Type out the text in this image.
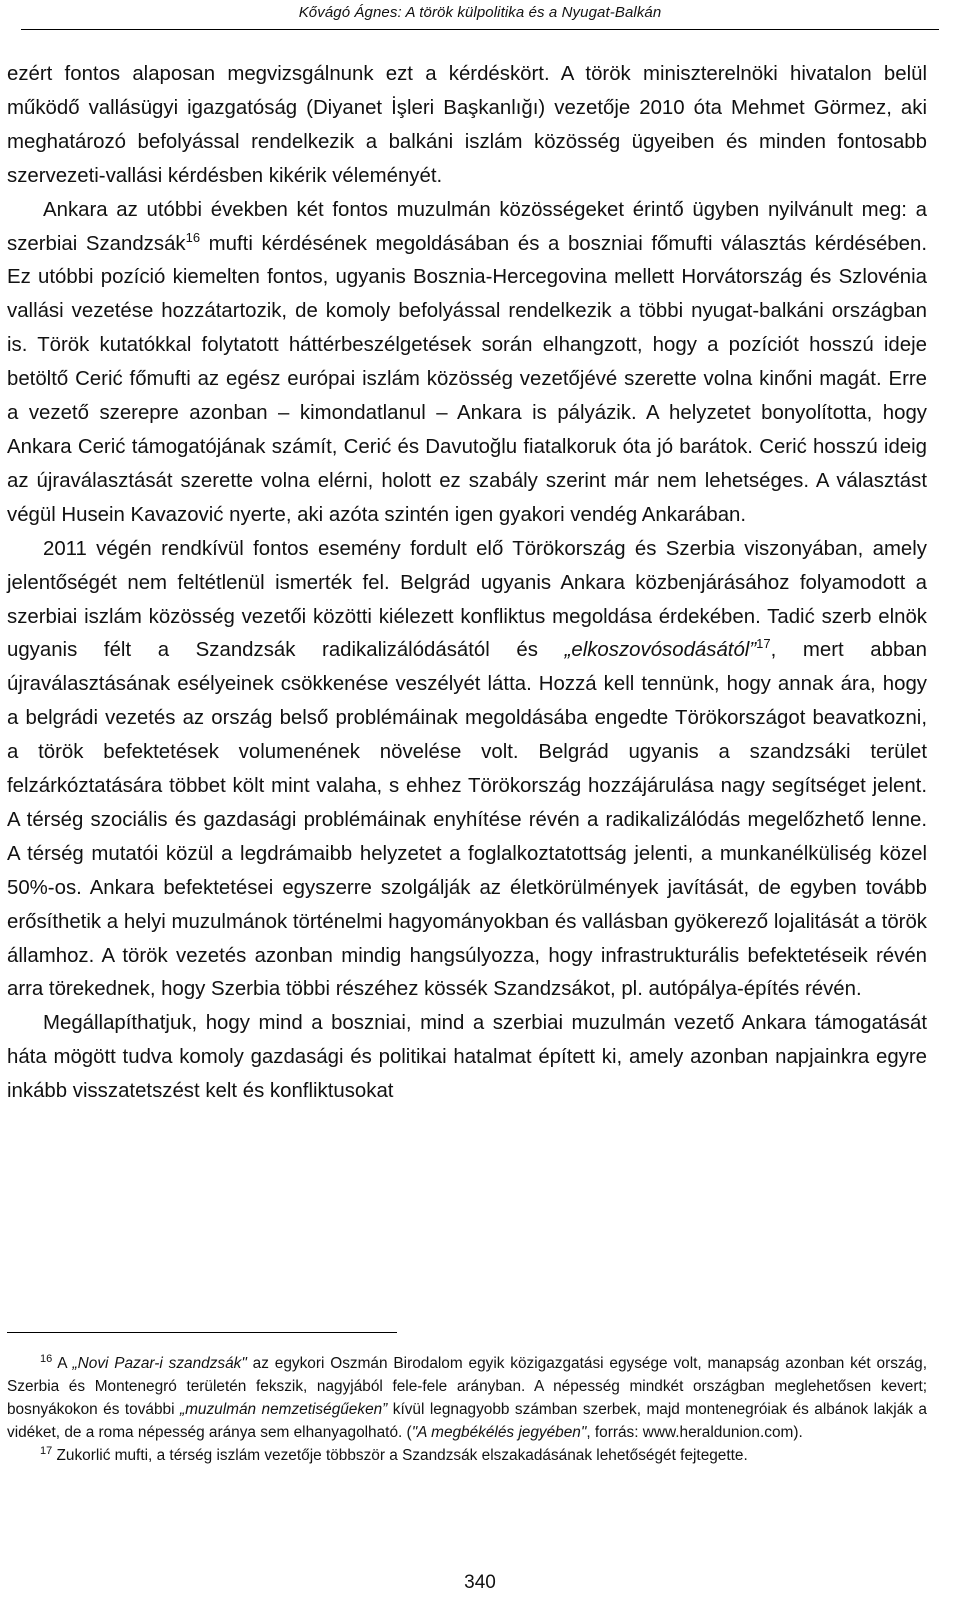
Kővágó Ágnes: A török külpolitika és a Nyugat-Balkán

ezért fontos alaposan megvizsgálnunk ezt a kérdéskört. A török miniszterelnöki hivatalon belül működő vallásügyi igazgatóság (Diyanet İşleri Başkanlığı) vezetője 2010 óta Mehmet Görmez, aki meghatározó befolyással rendelkezik a balkáni iszlám közösség ügyeiben és minden fontosabb szervezeti-vallási kérdésben kikérik véleményét.

Ankara az utóbbi években két fontos muzulmán közösségeket érintő ügyben nyilvánult meg: a szerbiai Szandzsák$^{16}$ mufti kérdésének megoldásában és a boszniai főmufti választás kérdésében. Ez utóbbi pozíció kiemelten fontos, ugyanis Bosznia-Hercegovina mellett Horvátország és Szlovénia vallási vezetése hozzátartozik, de komoly befolyással rendelkezik a többi nyugat-balkáni országban is. Török kutatókkal folytatott háttérbeszélgetések során elhangzott, hogy a pozíciót hosszú ideje betöltő Cerić főmufti az egész európai iszlám közösség vezetőjévé szerette volna kinőni magát. Erre a vezető szerepre azonban – kimondatlanul – Ankara is pályázik. A helyzetet bonyolította, hogy Ankara Cerić támogatójának számít, Cerić és Davutoğlu fiatalkoruk óta jó barátok. Cerić hosszú ideig az újraválasztását szerette volna elérni, holott ez szabály szerint már nem lehetséges. A választást végül Husein Kavazović nyerte, aki azóta szintén igen gyakori vendég Ankarában.

2011 végén rendkívül fontos esemény fordult elő Törökország és Szerbia viszonyában, amely jelentőségét nem feltétlenül ismerték fel. Belgrád ugyanis Ankara közbenjárásához folyamodott a szerbiai iszlám közösség vezetői közötti kiélezett konfliktus megoldása érdekében. Tadić szerb elnök ugyanis félt a Szandzsák radikalizálódásától és „elkoszovósodásától”$^{17}$, mert abban újraválasztásának esélyeinek csökkenése veszélyét látta. Hozzá kell tennünk, hogy annak ára, hogy a belgrádi vezetés az ország belső problémáinak megoldásába engedte Törökországot beavatkozni, a török befektetések volumenének növelése volt. Belgrád ugyanis a szandzsáki terület felzárkóztatására többet költ mint valaha, s ehhez Törökország hozzájárulása nagy segítséget jelent. A térség szociális és gazdasági problémáinak enyhítése révén a radikalizálódás megelőzhető lenne. A térség mutatói közül a legdrámaibb helyzetet a foglalkoztatottság jelenti, a munkanélküliség közel 50%-os. Ankara befektetései egyszerre szolgálják az életkörülmények javítását, de egyben tovább erősíthetik a helyi muzulmánok történelmi hagyományokban és vallásban gyökerező lojalitását a török államhoz. A török vezetés azonban mindig hangsúlyozza, hogy infrastrukturális befektetéseik révén arra törekednek, hogy Szerbia többi részéhez kössék Szandzsákot, pl. autópálya-építés révén.

Megállapíthatjuk, hogy mind a boszniai, mind a szerbiai muzulmán vezető Ankara támogatását háta mögött tudva komoly gazdasági és politikai hatalmat épített ki, amely azonban napjainkra egyre inkább visszatetszést kelt és konfliktusokat

$^{16}$ A „Novi Pazar-i szandzsák" az egykori Oszmán Birodalom egyik közigazgatási egysége volt, manapság azonban két ország, Szerbia és Montenegró területén fekszik, nagyjából fele-fele arányban. A népesség mindkét országban meglehetősen kevert; bosnyákokon és további „muzulmán nemzetiségűeken” kívül legnagyobb számban szerbek, majd montenegróiak és albánok lakják a vidéket, de a roma népesség aránya sem elhanyagolható. ("A megbékélés jegyében", forrás: www.heraldunion.com).

$^{17}$ Zukorlić mufti, a térség iszlám vezetője többször a Szandzsák elszakadásának lehetőségét fejtegette.

340
